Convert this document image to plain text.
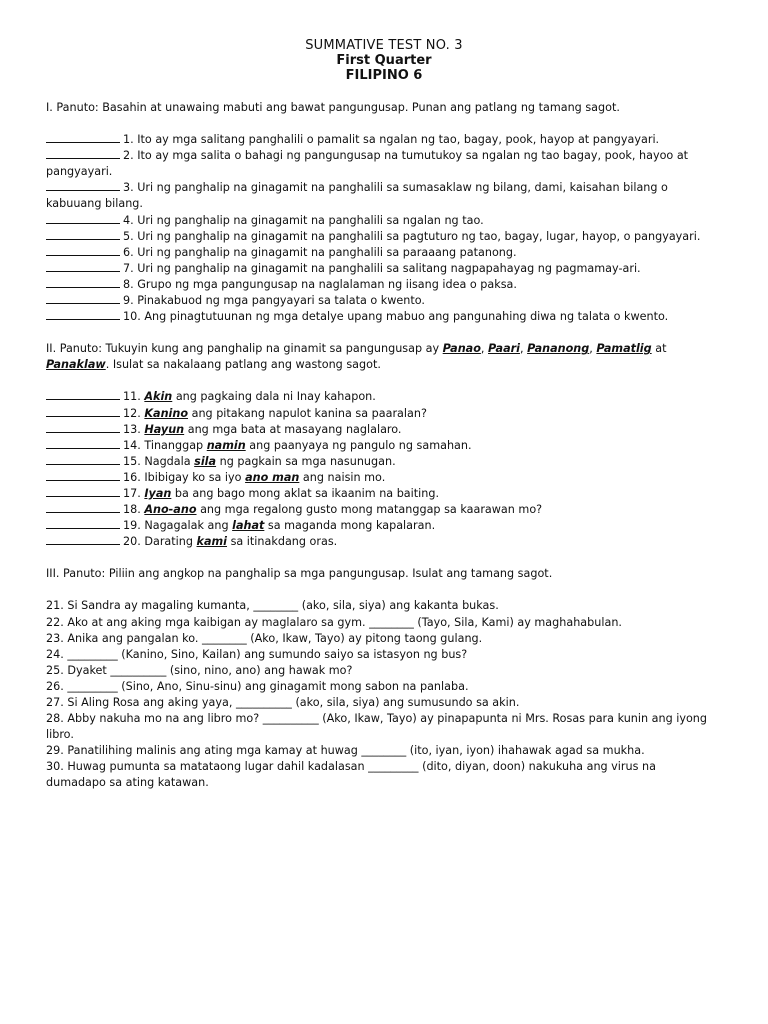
SUMMATIVE TEST NO. 3
First Quarter
FILIPINO 6

I. Panuto: Basahin at unawaing mabuti ang bawat pangungusap. Punan ang patlang ng tamang sagot.

1. Ito ay mga salitang panghalili o pamalit sa ngalan ng tao, bagay, pook, hayop at pangyayari.
2. Ito ay mga salita o bahagi ng pangungusap na tumutukoy sa ngalan ng tao bagay, pook, hayoo at pangyayari.
3. Uri ng panghalip na ginagamit na panghalili sa sumasaklaw ng bilang, dami, kaisahan bilang o kabuuang bilang.
4. Uri ng panghalip na ginagamit na panghalili sa ngalan ng tao.
5. Uri ng panghalip na ginagamit na panghalili sa pagtuturo ng tao, bagay, lugar, hayop, o pangyayari.
6. Uri ng panghalip na ginagamit na panghalili sa paraaang patanong.
7. Uri ng panghalip na ginagamit na panghalili sa salitang nagpapahayag ng pagmamay-ari.
8. Grupo ng mga pangungusap na naglalaman ng iisang idea o paksa.
9. Pinakabuod ng mga pangyayari sa talata o kwento.
10. Ang pinagtutuunan ng mga detalye upang mabuo ang pangunahing diwa ng talata o kwento.

II. Panuto: Tukuyin kung ang panghalip na ginamit sa pangungusap ay Panao, Paari, Pananong, Pamatlig at Panaklaw. Isulat sa nakalaang patlang ang wastong sagot.

11. Akin ang pagkaing dala ni Inay kahapon.
12. Kanino ang pitakang napulot kanina sa paaralan?
13. Hayun ang mga bata at masayang naglalaro.
14. Tinanggap namin ang paanyaya ng pangulo ng samahan.
15. Nagdala sila ng pagkain sa mga nasunugan.
16. Ibibigay ko sa iyo ano man ang naisin mo.
17. Iyan ba ang bago mong aklat sa ikaanim na baiting.
18. Ano-ano ang mga regalong gusto mong matanggap sa kaarawan mo?
19. Nagagalak ang lahat sa maganda mong kapalaran.
20. Darating kami sa itinakdang oras.

III. Panuto: Piliin ang angkop na panghalip sa mga pangungusap. Isulat ang tamang sagot.

21. Si Sandra ay magaling kumanta, ________ (ako, sila, siya) ang kakanta bukas.
22. Ako at ang aking mga kaibigan ay maglalaro sa gym. ________ (Tayo, Sila, Kami) ay maghahabulan.
23. Anika ang pangalan ko. ________ (Ako, Ikaw, Tayo) ay pitong taong gulang.
24. _________ (Kanino, Sino, Kailan) ang sumundo saiyo sa istasyon ng bus?
25. Dyaket __________ (sino, nino, ano) ang hawak mo?
26. _________ (Sino, Ano, Sinu-sinu) ang ginagamit mong sabon na panlaba.
27. Si Aling Rosa ang aking yaya, __________ (ako, sila, siya) ang sumusundo sa akin.
28. Abby nakuha mo na ang libro mo? __________ (Ako, Ikaw, Tayo) ay pinapapunta ni Mrs. Rosas para kunin ang iyong libro.
29. Panatilihing malinis ang ating mga kamay at huwag ________ (ito, iyan, iyon) ihahawak agad sa mukha.
30. Huwag pumunta sa matataong lugar dahil kadalasan _________ (dito, diyan, doon) nakukuha ang virus na dumadapo sa ating katawan.
